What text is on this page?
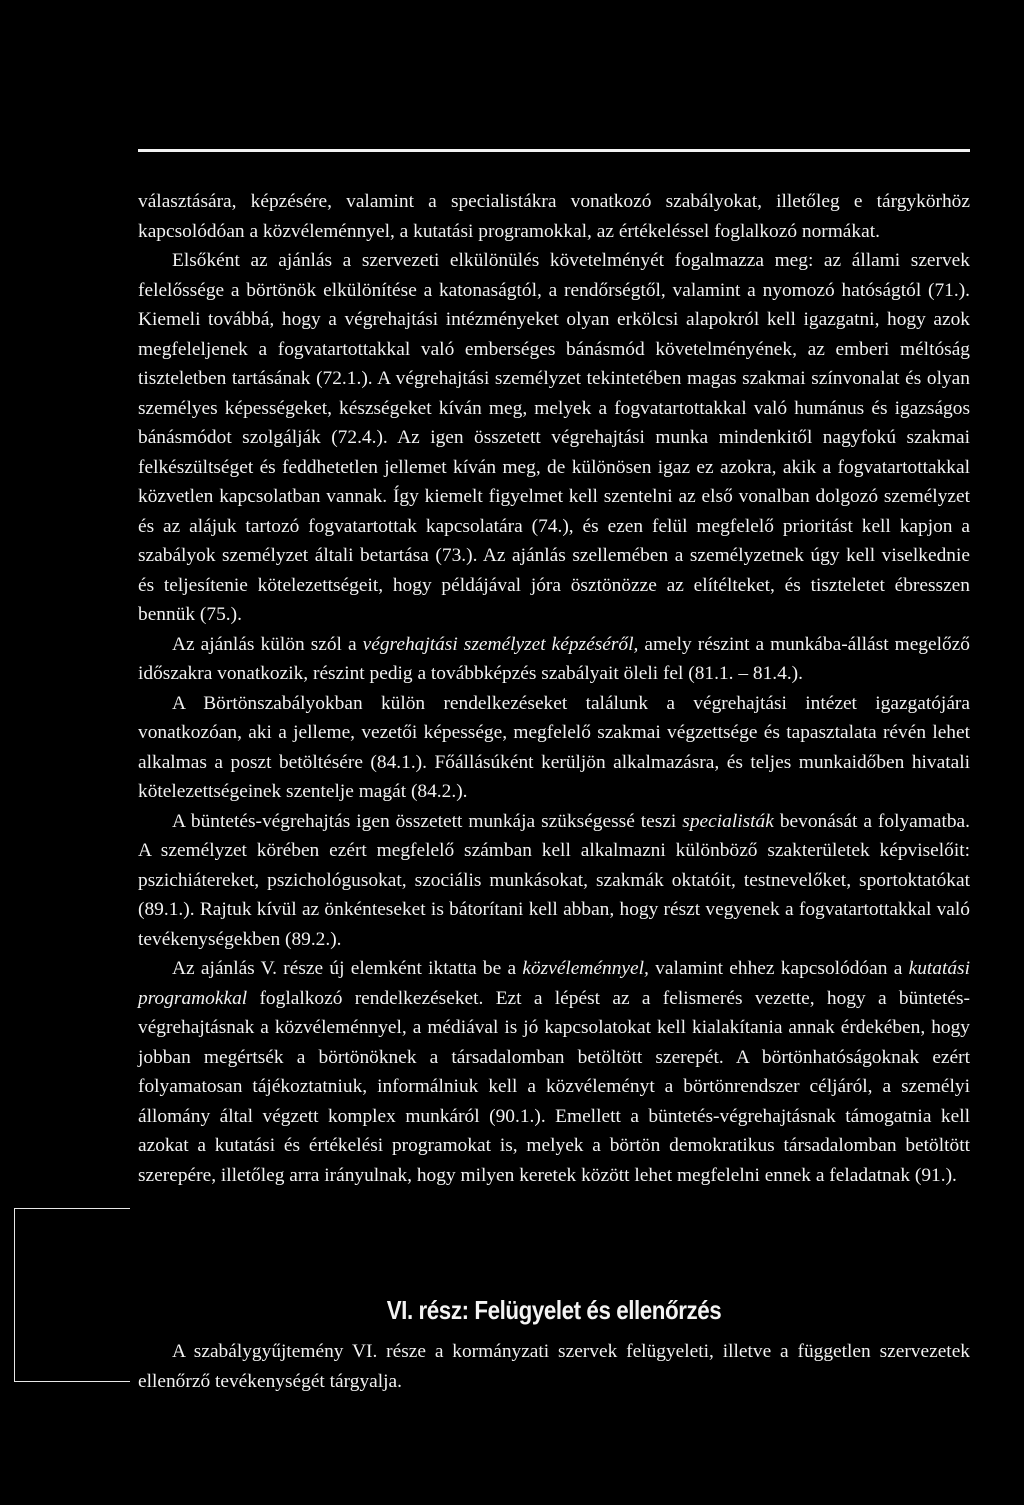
választására, képzésére, valamint a specialistákra vonatkozó szabályokat, illetőleg e tárgykörhöz kapcsolódóan a közvéleménnyel, a kutatási programokkal, az értékeléssel foglalkozó normákat.

Elsőként az ajánlás a szervezeti elkülönülés követelményét fogalmazza meg: az állami szervek felelőssége a börtönök elkülönítése a katonaságtól, a rendőrségtől, valamint a nyomozó hatóságtól (71.). Kiemeli továbbá, hogy a végrehajtási intézményeket olyan erkölcsi alapokról kell igazgatni, hogy azok megfeleljenek a fogvatartottakkal való emberséges bánásmód követelményének, az emberi méltóság tiszteletben tartásának (72.1.). A végrehajtási személyzet tekintetében magas szakmai színvonalat és olyan személyes képességeket, készségeket kíván meg, melyek a fogvatartottakkal való humánus és igazságos bánásmódot szolgálják (72.4.). Az igen összetett végrehajtási munka mindenkitől nagyfokú szakmai felkészültséget és feddhetetlen jellemet kíván meg, de különösen igaz ez azokra, akik a fogvatartottakkal közvetlen kapcsolatban vannak. Így kiemelt figyelmet kell szentelni az első vonalban dolgozó személyzet és az alájuk tartozó fogvatartottak kapcsolatára (74.), és ezen felül megfelelő prioritást kell kapjon a szabályok személyzet általi betartása (73.). Az ajánlás szellemében a személyzetnek úgy kell viselkednie és teljesítenie kötelezettségeit, hogy példájával jóra ösztönözze az elítélteket, és tiszteletet ébresszen bennük (75.).

Az ajánlás külön szól a végrehajtási személyzet képzéséről, amely részint a munkába-állást megelőző időszakra vonatkozik, részint pedig a továbbképzés szabályait öleli fel (81.1. – 81.4.).

A Börtönszabályokban külön rendelkezéseket találunk a végrehajtási intézet igazgatójára vonatkozóan, aki a jelleme, vezetői képessége, megfelelő szakmai végzettsége és tapasztalata révén lehet alkalmas a poszt betöltésére (84.1.). Főállásúként kerüljön alkalmazásra, és teljes munkaidőben hivatali kötelezettségeinek szentelje magát (84.2.).

A büntetés-végrehajtás igen összetett munkája szükségessé teszi specialisták bevonását a folyamatba. A személyzet körében ezért megfelelő számban kell alkalmazni különböző szakterületek képviselőit: pszichiátereket, pszichológusokat, szociális munkásokat, szakmák oktatóit, testnevelőket, sportoktatókat (89.1.). Rajtuk kívül az önkénteseket is bátorítani kell abban, hogy részt vegyenek a fogvatartottakkal való tevékenységekben (89.2.).

Az ajánlás V. része új elemként iktatta be a közvéleménnyel, valamint ehhez kapcsolódóan a kutatási programokkal foglalkozó rendelkezéseket. Ezt a lépést az a felismerés vezette, hogy a büntetés-végrehajtásnak a közvéleménnyel, a médiával is jó kapcsolatokat kell kialakítania annak érdekében, hogy jobban megértsék a börtönöknek a társadalomban betöltött szerepét. A börtönhatóságoknak ezért folyamatosan tájékoztatniuk, informálniuk kell a közvéleményt a börtönrendszer céljáról, a személyi állomány által végzett komplex munkáról (90.1.). Emellett a büntetés-végrehajtásnak támogatnia kell azokat a kutatási és értékelési programokat is, melyek a börtön demokratikus társadalomban betöltött szerepére, illetőleg arra irányulnak, hogy milyen keretek között lehet megfelelni ennek a feladatnak (91.).

VI. rész: Felügyelet és ellenőrzés

A szabálygyűjtemény VI. része a kormányzati szervek felügyeleti, illetve a független szervezetek ellenőrző tevékenységét tárgyalja.
